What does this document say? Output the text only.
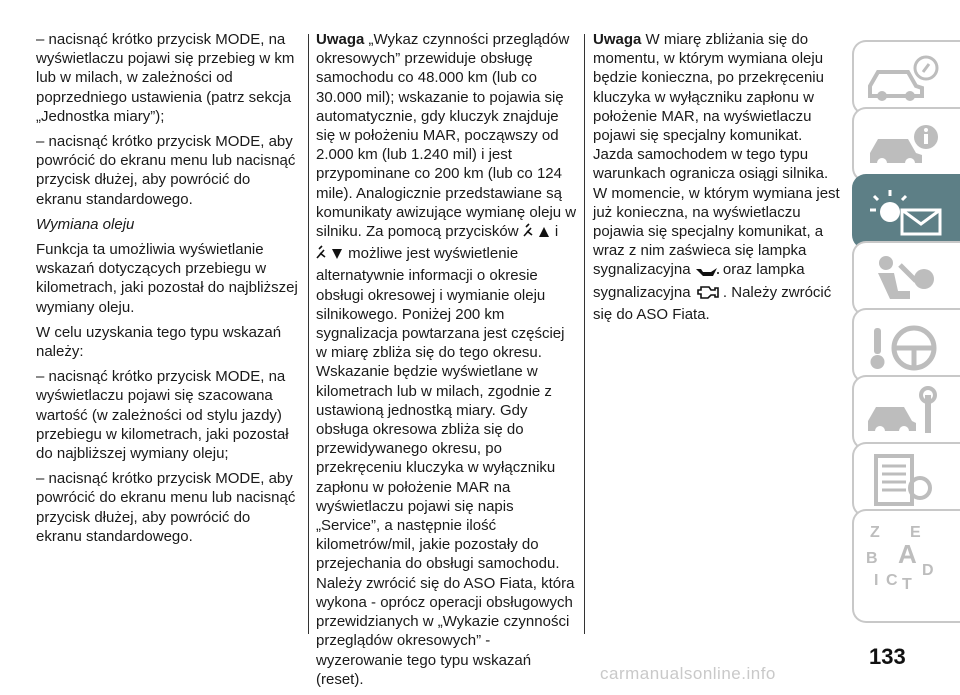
– nacisnąć krótko przycisk MODE, na wyświetlaczu pojawi się przebieg w km lub w milach, w zależności od poprzedniego ustawienia (patrz sekcja „Jednostka miary”);

– nacisnąć krótko przycisk MODE, aby powrócić do ekranu menu lub nacisnąć przycisk dłużej, aby powrócić do ekranu standardowego.

Wymiana oleju

Funkcja ta umożliwia wyświetlanie wskazań dotyczących przebiegu w kilometrach, jaki pozostał do najbliższej wymiany oleju.

W celu uzyskania tego typu wskazań należy:

– nacisnąć krótko przycisk MODE, na wyświetlaczu pojawi się szacowana wartość (w zależności od stylu jazdy) przebiegu w kilometrach, jaki pozostał do najbliższej wymiany oleju;

– nacisnąć krótko przycisk MODE, aby powrócić do ekranu menu lub nacisnąć przycisk dłużej, aby powrócić do ekranu standardowego.

Uwaga „Wykaz czynności przeglądów okresowych” przewiduje obsługę samochodu co 48.000 km (lub co 30.000 mil); wskazanie to pojawia się automatycznie, gdy kluczyk znajduje się w położeniu MAR, począwszy od 2.000 km (lub 1.240 mil) i jest przypominane co 200 km (lub co 124 mile). Analogicznie przedstawiane są komunikaty awizujące wymianę oleju w silniku. Za pomocą przycisków i  możliwe jest wyświetlenie alternatywnie informacji o okresie obsługi okresowej i wymianie oleju silnikowego. Poniżej 200 km sygnalizacja powtarzana jest częściej w miarę zbliża się do tego okresu. Wskazanie będzie wyświetlane w kilometrach lub w milach, zgodnie z ustawioną jednostką miary. Gdy obsługa okresowa zbliża się do przewidywanego okresu, po przekręceniu kluczyka w wyłączniku zapłonu w położenie MAR na wyświetlaczu pojawi się napis „Service”, a następnie ilość kilometrów/mil, jakie pozostały do przejechania do obsługi samochodu. Należy zwrócić się do ASO Fiata, która wykona - oprócz operacji obsługowych przewidzianych w „Wykazie czynności przeglądów okresowych” - wyzerowanie tego typu wskazań (reset).

Uwaga W miarę zbliżania się do momentu, w którym wymiana oleju będzie konieczna, po przekręceniu kluczyka w wyłączniku zapłonu w położenie MAR, na wyświetlaczu pojawi się specjalny komunikat. Jazda samochodem w tego typu warunkach ogranicza osiągi silnika. W momencie, w którym wymiana jest już konieczna, na wyświetlaczu pojawia się specjalny komunikat, a wraz z nim zaświeca się lampka sygnalizacyjna oraz lampka sygnalizacyjna . Należy zwrócić się do ASO Fiata.

Z E
B A
D
I C T
133
carmanualsonline.info
